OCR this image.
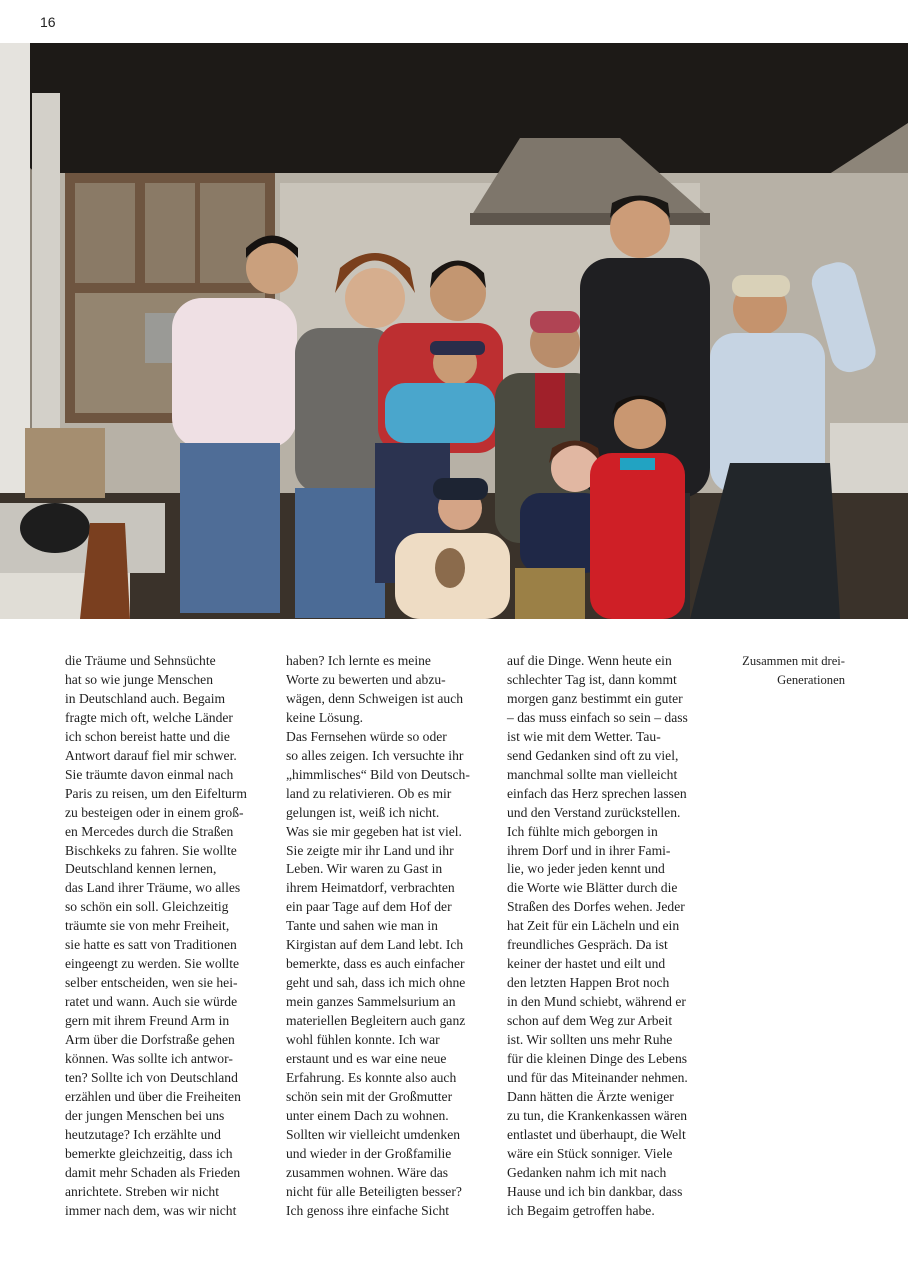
16
die Träume und Sehnsüchte
hat so wie junge Menschen
in Deutschland auch. Begaim
fragte mich oft, welche Länder
ich schon bereist hatte und die
Antwort darauf fiel mir schwer.
Sie träumte davon einmal nach
Paris zu reisen, um den Eifelturm
zu besteigen oder in einem groß-
en Mercedes durch die Straßen
Bischkeks zu fahren. Sie wollte
Deutschland kennen lernen,
das Land ihrer Träume, wo alles
so schön ein soll. Gleichzeitig
träumte sie von mehr Freiheit,
sie hatte es satt von Traditionen
eingeengt zu werden. Sie wollte
selber entscheiden, wen sie hei-
ratet und wann. Auch sie würde
gern mit ihrem Freund Arm in
Arm über die Dorfstraße gehen
können. Was sollte ich antwor-
ten? Sollte ich von Deutschland
erzählen und über die Freiheiten
der jungen Menschen bei uns
heutzutage? Ich erzählte und
bemerkte gleichzeitig, dass ich
damit mehr Schaden als Frieden
anrichtete. Streben wir nicht
immer nach dem, was wir nicht
haben? Ich lernte es meine
Worte zu bewerten und abzu-
wägen, denn Schweigen ist auch
keine Lösung.
Das Fernsehen würde so oder
so alles zeigen. Ich versuchte ihr
„himmlisches“ Bild von Deutsch-
land zu relativieren. Ob es mir
gelungen ist, weiß ich nicht.
Was sie mir gegeben hat ist viel.
Sie zeigte mir ihr Land und ihr
Leben. Wir waren zu Gast in
ihrem Heimatdorf, verbrachten
ein paar Tage auf dem Hof der
Tante und sahen wie man in
Kirgistan auf dem Land lebt. Ich
bemerkte, dass es auch einfacher
geht und sah, dass ich mich ohne
mein ganzes Sammelsurium an
materiellen Begleitern auch ganz
wohl fühlen konnte. Ich war
erstaunt und es war eine neue
Erfahrung. Es konnte also auch
schön sein mit der Großmutter
unter einem Dach zu wohnen.
Sollten wir vielleicht umdenken
und wieder in der Großfamilie
zusammen wohnen. Wäre das
nicht für alle Beteiligten besser?
Ich genoss ihre einfache Sicht
auf die Dinge. Wenn heute ein
schlechter Tag ist, dann kommt
morgen ganz bestimmt ein guter
– das muss einfach so sein – dass
ist wie mit dem Wetter. Tau-
send Gedanken sind oft zu viel,
manchmal sollte man vielleicht
einfach das Herz sprechen lassen
und den Verstand zurückstellen.
Ich fühlte mich geborgen in
ihrem Dorf und in ihrer Fami-
lie, wo jeder jeden kennt und
die Worte wie Blätter durch die
Straßen des Dorfes wehen. Jeder
hat Zeit für ein Lächeln und ein
freundliches Gespräch. Da ist
keiner der hastet und eilt und
den letzten Happen Brot noch
in den Mund schiebt, während er
schon auf dem Weg zur Arbeit
ist. Wir sollten uns mehr Ruhe
für die kleinen Dinge des Lebens
und für das Miteinander nehmen.
Dann hätten die Ärzte weniger
zu tun, die Krankenkassen wären
entlastet und überhaupt, die Welt
wäre ein Stück sonniger. Viele
Gedanken nahm ich mit nach
Hause und ich bin dankbar, dass
ich Begaim getroffen habe.
Zusammen mit drei-
Generationen
